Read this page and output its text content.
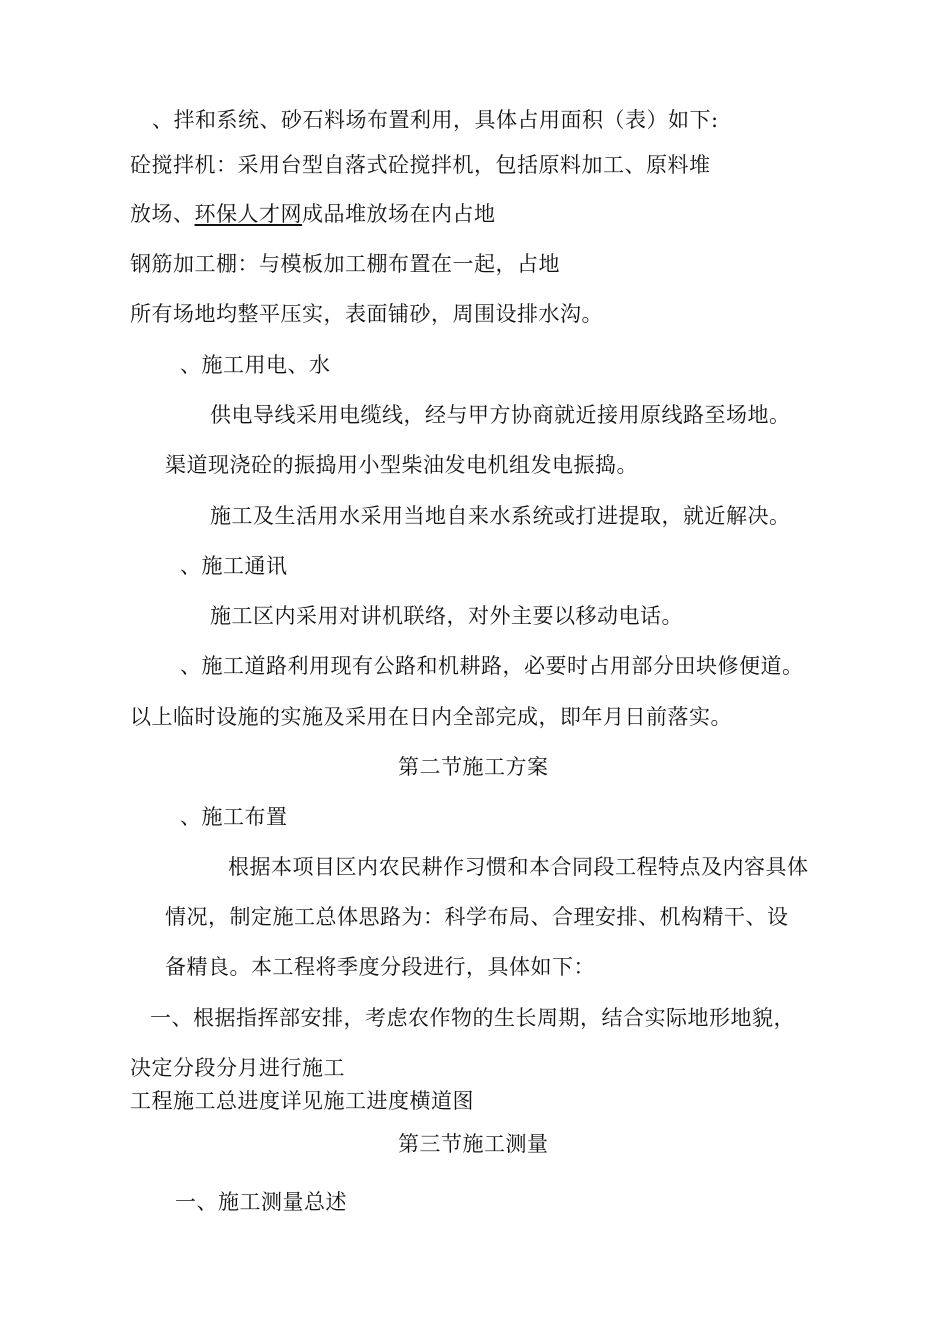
、拌和系统、砂石料场布置利用，具体占用面积（表）如下:
砼搅拌机：采用台型自落式砼搅拌机，包括原料加工、原料堆
放场、环保人才网成品堆放场在内占地
钢筋加工棚：与模板加工棚布置在一起，占地
所有场地均整平压实，表面铺砂，周围设排水沟。
、施工用电、水
供电导线采用电缆线，经与甲方协商就近接用原线路至场地。
渠道现浇砼的振捣用小型柴油发电机组发电振捣。
施工及生活用水采用当地自来水系统或打进提取，就近解决。
、施工通讯
施工区内采用对讲机联络，对外主要以移动电话。
、施工道路利用现有公路和机耕路，必要时占用部分田块修便道。
以上临时设施的实施及采用在日内全部完成，即年月日前落实。
第二节施工方案
、施工布置
根据本项目区内农民耕作习惯和本合同段工程特点及内容具体
情况，制定施工总体思路为：科学布局、合理安排、机构精干、设
备精良。本工程将季度分段进行，具体如下：
一、根据指挥部安排，考虑农作物的生长周期，结合实际地形地貌，
决定分段分月进行施工
工程施工总进度详见施工进度横道图
第三节施工测量
一、施工测量总述
